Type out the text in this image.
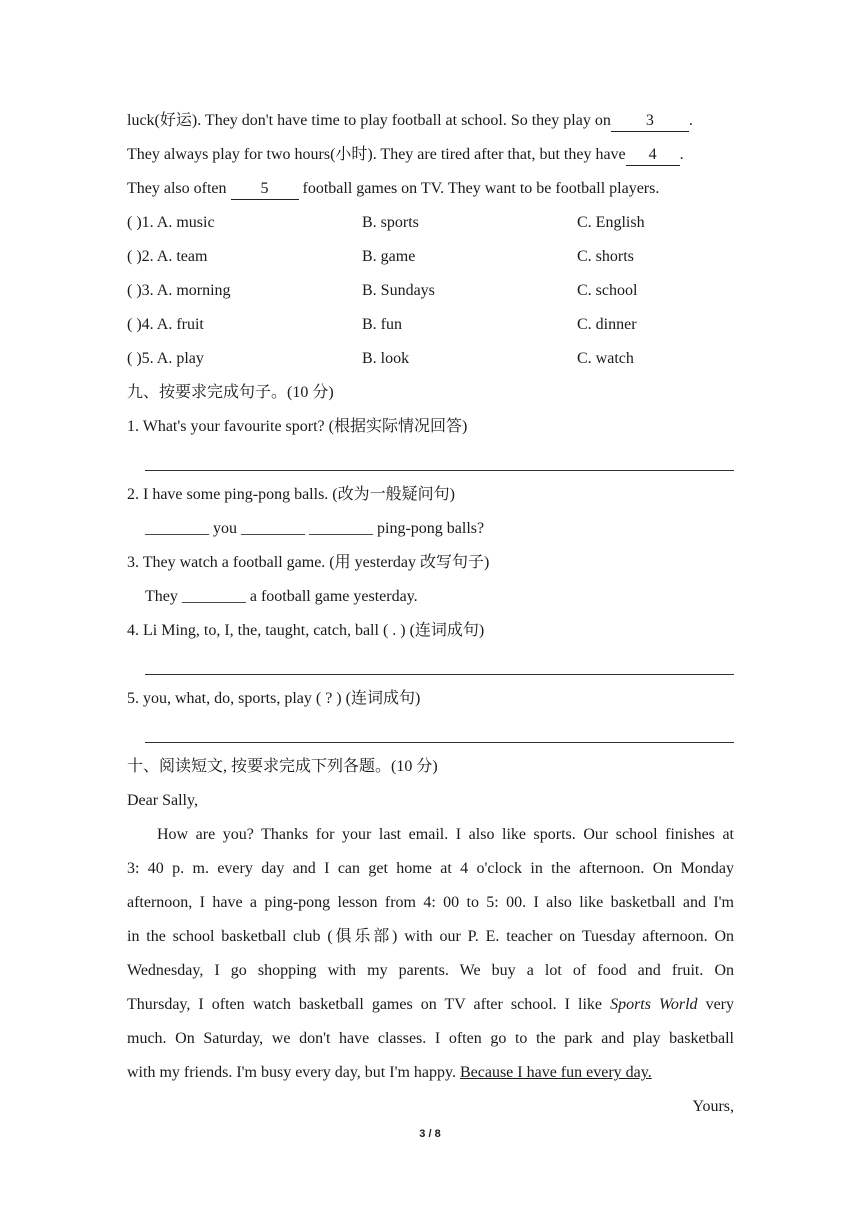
luck(好运). They don't have time to play football at school. So they play on 3 .
They always play for two hours(小时). They are tired after that, but they have 4 .
They also often 5 football games on TV. They want to be football players.
( )1. A. music	B. sports	C. English
( )2. A. team	B. game	C. shorts
( )3. A. morning	B. Sundays	C. school
( )4. A. fruit	B. fun	C. dinner
( )5. A. play	B. look	C. watch
九、按要求完成句子。(10 分)
1. What's your favourite sport? (根据实际情况回答)
2. I have some ping-pong balls. (改为一般疑问句)
________ you ________ ________ ping-pong balls?
3. They watch a football game. (用 yesterday 改写句子)
They ________ a football game yesterday.
4. Li Ming, to, I, the, taught, catch, ball ( . ) (连词成句)
5. you, what, do, sports, play ( ? ) (连词成句)
十、阅读短文, 按要求完成下列各题。(10 分)
Dear Sally,
How are you? Thanks for your last email. I also like sports. Our school finishes at
3: 40 p. m. every day and I can get home at 4 o'clock in the afternoon. On Monday
afternoon, I have a ping-pong lesson from 4: 00 to 5: 00. I also like basketball and I'm
in the school basketball club (俱乐部) with our P. E. teacher on Tuesday afternoon. On
Wednesday, I go shopping with my parents. We buy a lot of food and fruit. On
Thursday, I often watch basketball games on TV after school. I like Sports World very
much. On Saturday, we don't have classes. I often go to the park and play basketball
with my friends. I'm busy every day, but I'm happy. Because I have fun every day.
Yours,
3 / 8
